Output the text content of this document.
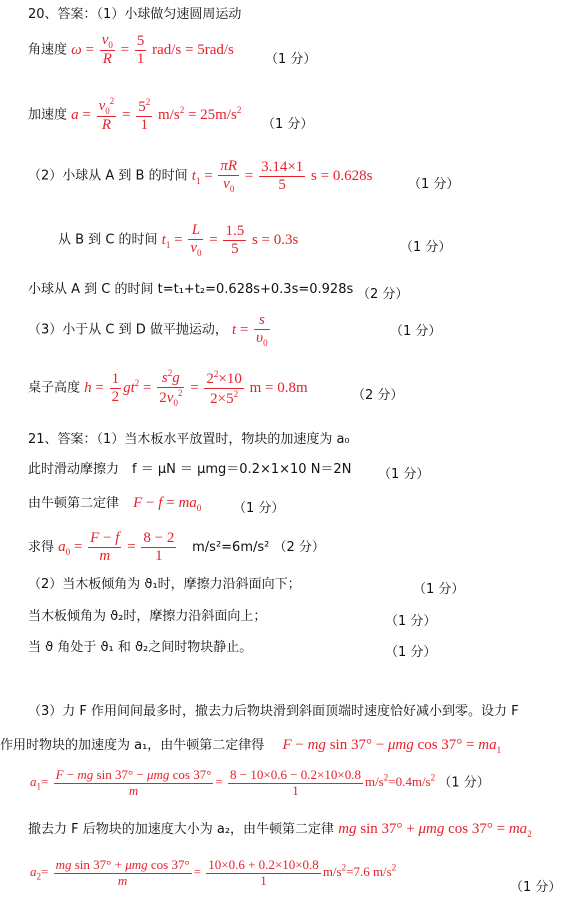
20、答案：（1）小球做匀速圆周运动
角速度 $\omega = \frac{v_0}{R} = \frac{5}{1} rad/s = 5rad/s$
（1 分）
加速度 $a = \frac{v_0^2}{R} = \frac{5^2}{1} m/s^2 = 25m/s^2$
（1 分）
（2）小球从 A 到 B 的时间 $t_1 = \frac{\pi R}{v_0} = \frac{3.14\times 1}{5}$ s = 0.628s
（1 分）
从 B 到 C 的时间 $t_1 = \frac{L}{v_0} = \frac{1.5}{5}$ s = 0.3s	（1 分）
小球从 A 到 C 的时间 t=t₁+t₂=0.628s+0.3s=0.928s （2 分）
（3）小于从 C 到 D 做平抛运动， $t = \frac{s}{\upsilon_0}$	（1 分）
桌子高度 $h = \frac{1}{2} gt^2 = \frac{s^2g}{2v_0^2} = \frac{2^2\times 10}{2\times 5^2}$ m = 0.8m	（2 分）
21、答案：（1）当木板水平放置时，物块的加速度为 a₀
此时滑动摩擦力　f ＝ μN ＝ μmg＝0.2×1×10 N＝2N （1 分）
由牛顿第二定律 $F - f = ma_0$ （1 分）
求得 $a_0 = \frac{F - f}{m} = \frac{8 - 2}{1} m/s^2=6m/s^2$ （2 分）
（2）当木板倾角为 ϑ₁时，摩擦力沿斜面向下；	（1 分）
当木板倾角为 ϑ₂时，摩擦力沿斜面向上；	（1 分）
当 ϑ 角处于 ϑ₁ 和 ϑ₂之间时物块静止。	（1 分）
（3）力 F 作用间间最多时，撤去力后物块滑到斜面顶端时速度恰好减小到零。设力 F
作用时物块的加速度为 a₁，由牛顿第二定律得 F − mg sin 37° − μmg $\cos 37^\circ = ma_1$
$a_1= \frac{\text{F − mg sin 37° − μmg cos 37°}}{m} = \frac{8 - 10\times 0.6 - 0.2\times 10\times 0.8}{1} m/s^2=0.4m/s^2$ （1 分）
撤去力 F 后物块的加速度大小为 a₂，由牛顿第二定律 mg sin 37° + μmg $\cos 37^\circ = ma_2$
$a_2= \frac{\text{mg sin 37° + μmg cos 37°}}{m} = \frac{10\times 0.6 + 0.2\times 10\times 0.8}{1} m/s^2=7.6$ $m/s^2$
（1 分）
